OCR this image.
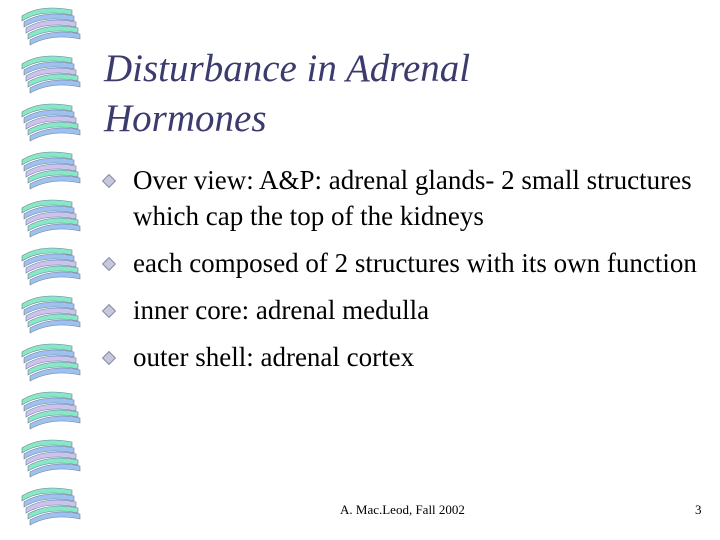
Disturbance in Adrenal
Hormones
Over view: A&P: adrenal glands- 2 small structures which cap the top of the kidneys
each composed of 2 structures with its own function
inner core: adrenal medulla
outer shell: adrenal cortex
A. Mac.Leod, Fall 2002	3
